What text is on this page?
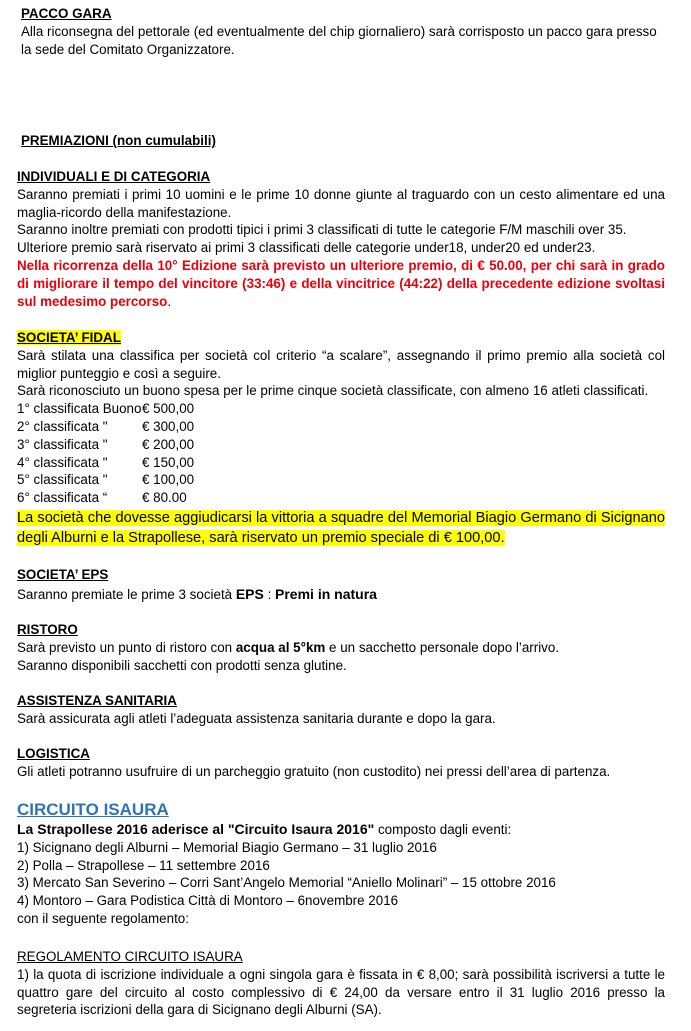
PACCO GARA
Alla riconsegna del pettorale (ed eventualmente del chip giornaliero) sarà corrisposto un pacco gara presso la sede del Comitato Organizzatore.
PREMIAZIONI (non cumulabili)
INDIVIDUALI E DI CATEGORIA

Saranno premiati i primi 10 uomini e le prime 10 donne giunte al traguardo con un cesto alimentare ed una maglia-ricordo della manifestazione.

Saranno inoltre premiati con prodotti tipici i primi 3 classificati di tutte le categorie F/M maschili over 35.

Ulteriore premio sarà riservato ai primi 3 classificati delle categorie under18, under20 ed under23.

Nella ricorrenza della 10° Edizione sarà previsto un ulteriore premio, di € 50.00, per chi sarà in grado di migliorare il tempo del vincitore (33:46) e della vincitrice (44:22) della precedente edizione svoltasi sul medesimo percorso.

SOCIETA’ FIDAL

Sarà stilata una classifica per società col criterio “a scalare”, assegnando il primo premio alla società col miglior punteggio e così a seguire.

Sarà riconosciuto un buono spesa per le prime cinque società classificate, con almeno 16 atleti classificati.

1° classificata Buono € 500,00
2° classificata "	€ 300,00
3° classificata "	€ 200,00
4° classificata "	€ 150,00
5° classificata "	€ 100,00
6° classificata “	€ 80.00

La società che dovesse aggiudicarsi la vittoria a squadre del Memorial Biagio Germano di Sicignano degli Alburni e la Strapollese, sarà riservato un premio speciale di € 100,00.

SOCIETA’ EPS
Saranno premiate le prime 3 società EPS : Premi in natura
RISTORO
Sarà previsto un punto di ristoro con acqua al 5°km e un sacchetto personale dopo l’arrivo.
Saranno disponibili sacchetti con prodotti senza glutine.
ASSISTENZA SANITARIA
Sarà assicurata agli atleti l’adeguata assistenza sanitaria durante e dopo la gara.
LOGISTICA
Gli atleti potranno usufruire di un parcheggio gratuito (non custodito) nei pressi dell’area di partenza.
CIRCUITO ISAURA
La Strapollese 2016 aderisce al "Circuito Isaura 2016" composto dagli eventi:
1) Sicignano degli Alburni – Memorial Biagio Germano – 31 luglio 2016
2) Polla – Strapollese – 11 settembre 2016
3) Mercato San Severino – Corri Sant’Angelo Memorial “Aniello Molinari” – 15 ottobre 2016
4) Montoro – Gara Podistica Città di Montoro – 6novembre 2016
con il seguente regolamento:
REGOLAMENTO CIRCUITO ISAURA
1) la quota di iscrizione individuale a ogni singola gara è fissata in € 8,00; sarà possibilità iscriversi a tutte le quattro gare del circuito al costo complessivo di € 24,00 da versare entro il 31 luglio 2016 presso la segreteria iscrizioni della gara di Sicignano degli Alburni (SA).
